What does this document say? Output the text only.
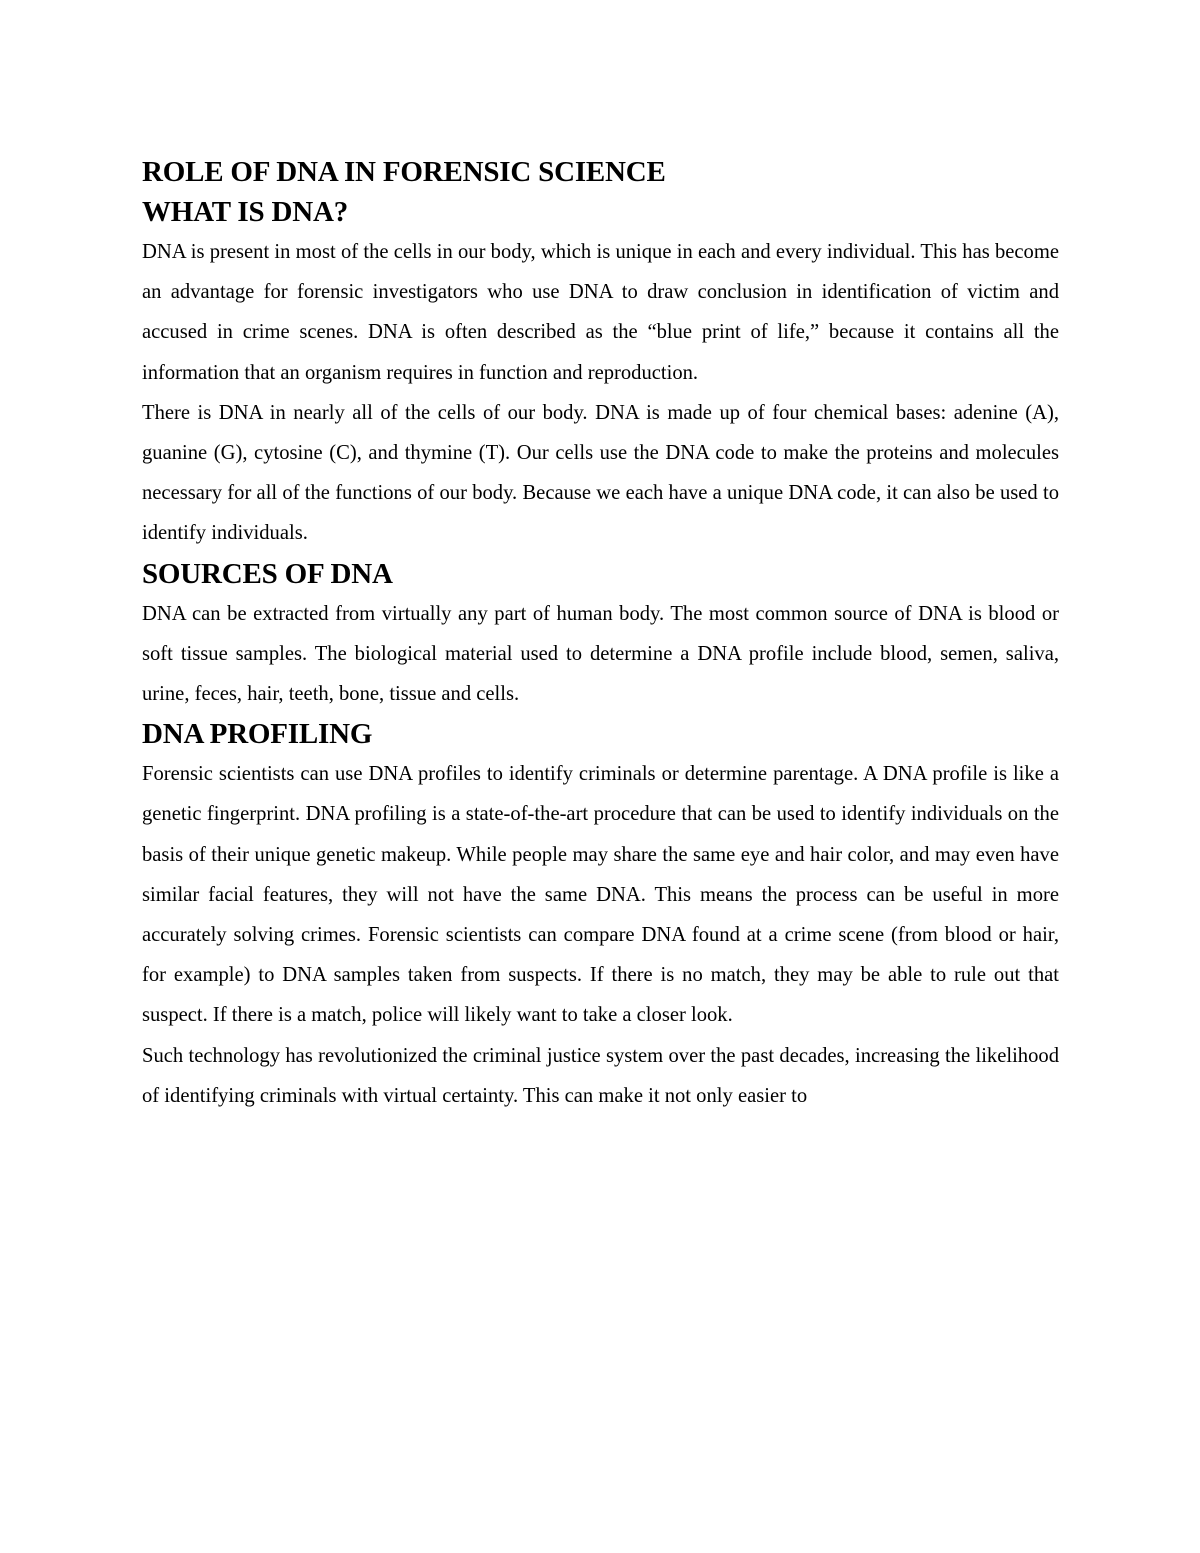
ROLE OF DNA IN FORENSIC SCIENCE
WHAT IS DNA?

DNA is present in most of the cells in our body, which is unique in each and every individual. This has become an advantage for forensic investigators who use DNA to draw conclusion in identification of victim and accused in crime scenes. DNA is often described as the “blue print of life,” because it contains all the information that an organism requires in function and reproduction.

There is DNA in nearly all of the cells of our body. DNA is made up of four chemical bases: adenine (A), guanine (G), cytosine (C), and thymine (T). Our cells use the DNA code to make the proteins and molecules necessary for all of the functions of our body. Because we each have a unique DNA code, it can also be used to identify individuals.

SOURCES OF DNA

DNA can be extracted from virtually any part of human body. The most common source of DNA is blood or soft tissue samples. The biological material used to determine a DNA profile include blood, semen, saliva, urine, feces, hair, teeth, bone, tissue and cells.

DNA PROFILING

Forensic scientists can use DNA profiles to identify criminals or determine parentage. A DNA profile is like a genetic fingerprint. DNA profiling is a state-of-the-art procedure that can be used to identify individuals on the basis of their unique genetic makeup. While people may share the same eye and hair color, and may even have similar facial features, they will not have the same DNA. This means the process can be useful in more accurately solving crimes. Forensic scientists can compare DNA found at a crime scene (from blood or hair, for example) to DNA samples taken from suspects. If there is no match, they may be able to rule out that suspect. If there is a match, police will likely want to take a closer look.

Such technology has revolutionized the criminal justice system over the past decades, increasing the likelihood of identifying criminals with virtual certainty. This can make it not only easier to
